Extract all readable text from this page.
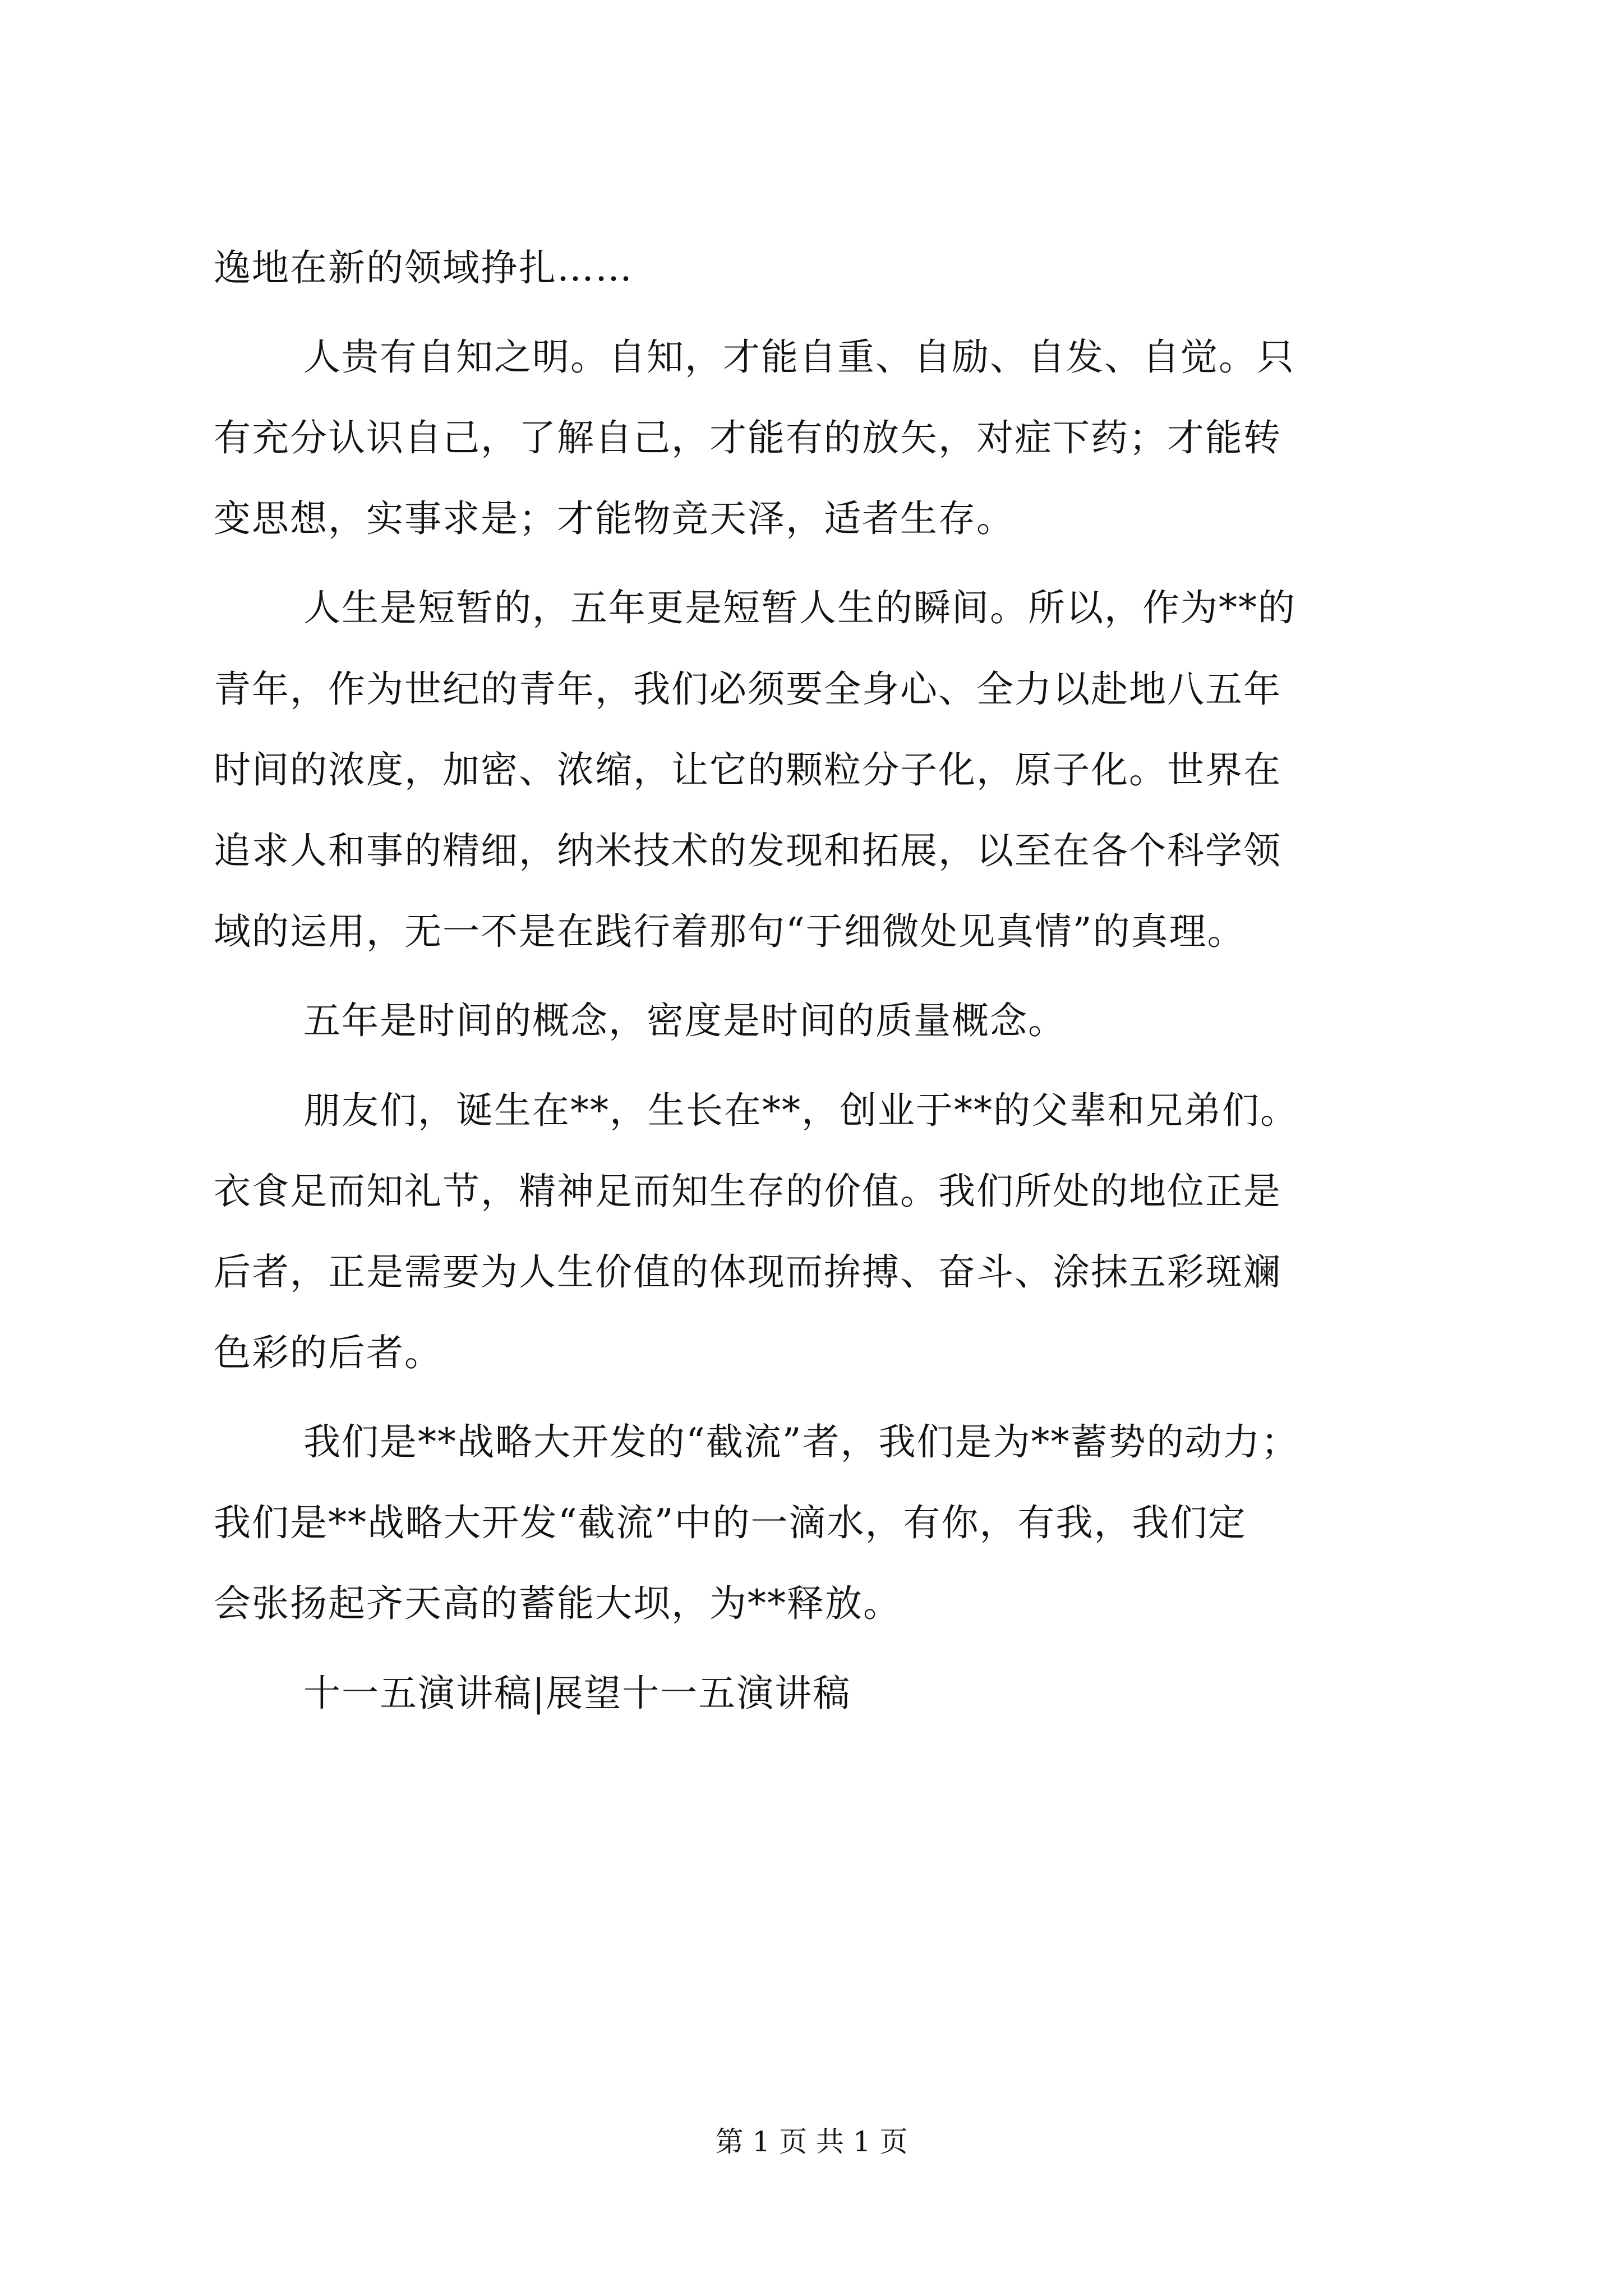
逸地在新的领域挣扎……
人贵有自知之明。自知，才能自重、自励、自发、自觉。只
有充分认识自己，了解自己，才能有的放矢，对症下药；才能转
变思想，实事求是；才能物竞天泽，适者生存。
人生是短暂的，五年更是短暂人生的瞬间。所以，作为**的
青年，作为世纪的青年，我们必须要全身心、全力以赴地八五年
时间的浓度，加密、浓缩，让它的颗粒分子化，原子化。世界在
追求人和事的精细，纳米技术的发现和拓展，以至在各个科学领
域的运用，无一不是在践行着那句“于细微处见真情”的真理。
五年是时间的概念，密度是时间的质量概念。
朋友们，诞生在**，生长在**，创业于**的父辈和兄弟们。
衣食足而知礼节，精神足而知生存的价值。我们所处的地位正是
后者，正是需要为人生价值的体现而拚搏、奋斗、涂抹五彩斑斓
色彩的后者。
我们是**战略大开发的“截流”者，我们是为**蓄势的动力；
我们是**战略大开发“截流”中的一滴水，有你，有我，我们定
会张扬起齐天高的蓄能大坝，为**释放。
十一五演讲稿|展望十一五演讲稿
第 1 页 共 1 页
